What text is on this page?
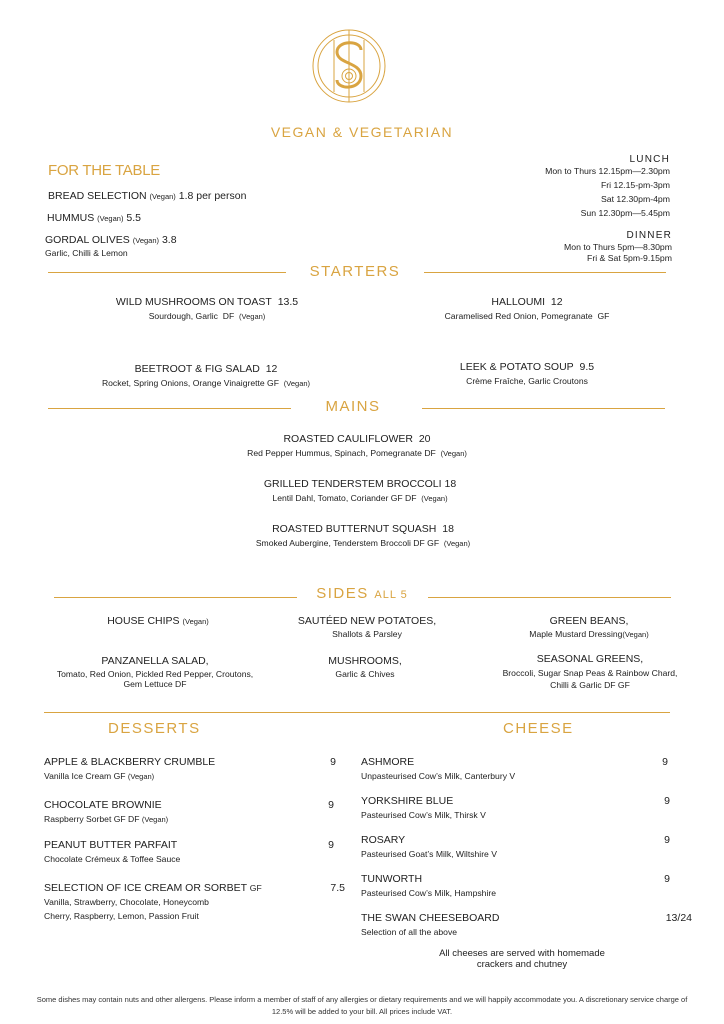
VEGAN & VEGETARIAN
FOR THE TABLE
BREAD SELECTION (Vegan) 1.8 per person
HUMMUS (Vegan) 5.5
GORDAL OLIVES (Vegan) 3.8
Garlic, Chilli & Lemon
LUNCH
Mon to Thurs 12.15pm—2.30pm
Fri 12.15-pm-3pm
Sat 12.30pm-4pm
Sun 12.30pm—5.45pm
DINNER
Mon to Thurs 5pm—8.30pm
Fri & Sat 5pm-9.15pm
STARTERS
WILD MUSHROOMS ON TOAST 13.5
Sourdough, Garlic DF (Vegan)
HALLOUMI 12
Caramelised Red Onion, Pomegranate GF
BEETROOT & FIG SALAD 12
Rocket, Spring Onions, Orange Vinaigrette GF (Vegan)
LEEK & POTATO SOUP 9.5
Crème Fraîche, Garlic Croutons
MAINS
ROASTED CAULIFLOWER 20
Red Pepper Hummus, Spinach, Pomegranate DF (Vegan)
GRILLED TENDERSTEM BROCCOLI 18
Lentil Dahl, Tomato, Coriander GF DF (Vegan)
ROASTED BUTTERNUT SQUASH 18
Smoked Aubergine, Tenderstem Broccoli DF GF (Vegan)
SIDES ALL 5
HOUSE CHIPS (Vegan)	SAUTÉED NEW POTATOES,
Shallots & Parsley
GREEN BEANS,
Maple Mustard Dressing(Vegan)
PANZANELLA SALAD,
Tomato, Red Onion, Pickled Red Pepper, Croutons,
Gem Lettuce DF
MUSHROOMS,
Garlic & Chives
SEASONAL GREENS,
Broccoli, Sugar Snap Peas & Rainbow Chard,
Chilli & Garlic DF GF
DESSERTS
APPLE & BLACKBERRY CRUMBLE	9
Vanilla Ice Cream GF (Vegan)
CHOCOLATE BROWNIE	9
Raspberry Sorbet GF DF (Vegan)
PEANUT BUTTER PARFAIT	9
Chocolate Crémeux & Toffee Sauce
SELECTION OF ICE CREAM OR SORBET GF	7.5
Vanilla, Strawberry, Chocolate, Honeycomb
Cherry, Raspberry, Lemon, Passion Fruit
CHEESE
ASHMORE	9
Unpasteurised Cow’s Milk, Canterbury V
YORKSHIRE BLUE	9
Pasteurised Cow’s Milk, Thirsk V
ROSARY	9
Pasteurised Goat’s Milk, Wiltshire V
TUNWORTH	9
Pasteurised Cow’s Milk, Hampshire
THE SWAN CHEESEBOARD	13/24
Selection of all the above
All cheeses are served with homemade
crackers and chutney
Some dishes may contain nuts and other allergens. Please inform a member of staff of any allergies or dietary requirements and we will happily accommodate you. A discretionary service charge of
12.5% will be added to your bill. All prices include VAT.
